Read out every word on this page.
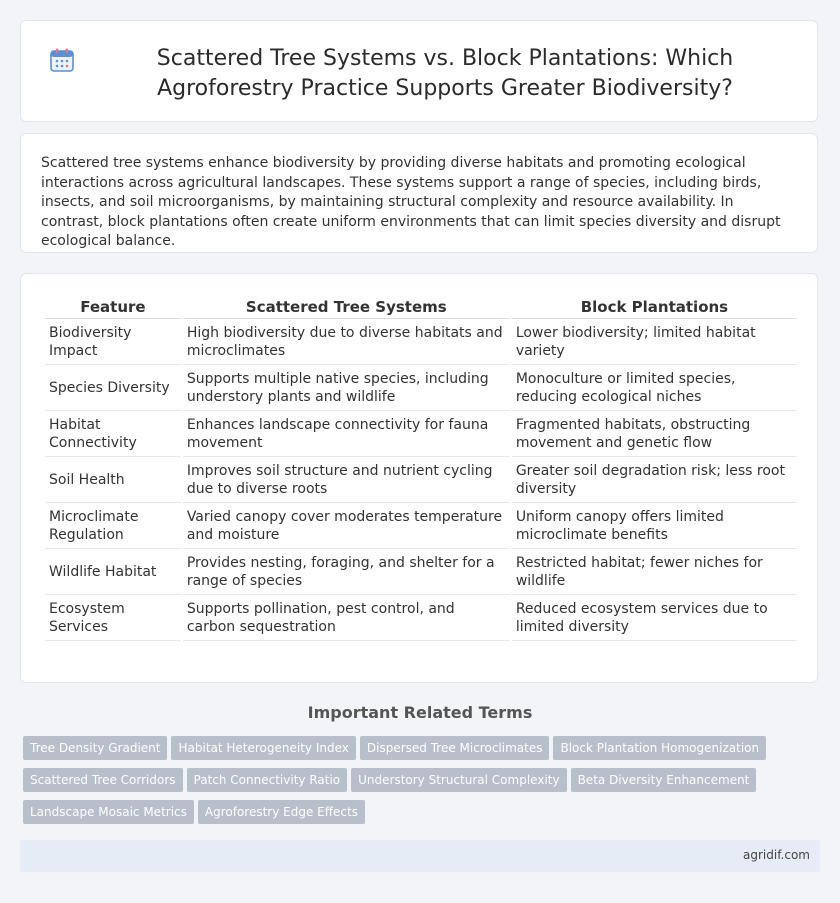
Scattered Tree Systems vs. Block Plantations: Which Agroforestry Practice Supports Greater Biodiversity?

Scattered tree systems enhance biodiversity by providing diverse habitats and promoting ecological interactions across agricultural landscapes. These systems support a range of species, including birds, insects, and soil microorganisms, by maintaining structural complexity and resource availability. In contrast, block plantations often create uniform environments that can limit species diversity and disrupt ecological balance.

Feature	Scattered Tree Systems	Block Plantations
Biodiversity Impact	High biodiversity due to diverse habitats and microclimates	Lower biodiversity; limited habitat variety
Species Diversity	Supports multiple native species, including understory plants and wildlife	Monoculture or limited species, reducing ecological niches
Habitat Connectivity	Enhances landscape connectivity for fauna movement	Fragmented habitats, obstructing movement and genetic flow
Soil Health	Improves soil structure and nutrient cycling due to diverse roots	Greater soil degradation risk; less root diversity
Microclimate Regulation	Varied canopy cover moderates temperature and moisture	Uniform canopy offers limited microclimate benefits
Wildlife Habitat	Provides nesting, foraging, and shelter for a range of species	Restricted habitat; fewer niches for wildlife
Ecosystem Services	Supports pollination, pest control, and carbon sequestration	Reduced ecosystem services due to limited diversity
Important Related Terms
Tree Density Gradient Habitat Heterogeneity Index Dispersed Tree Microclimates Block Plantation HomogenizationScattered Tree Corridors Patch Connectivity Ratio Understory Structural Complexity Beta Diversity EnhancementLandscape Mosaic Metrics Agroforestry Edge Effects
agridif.com
